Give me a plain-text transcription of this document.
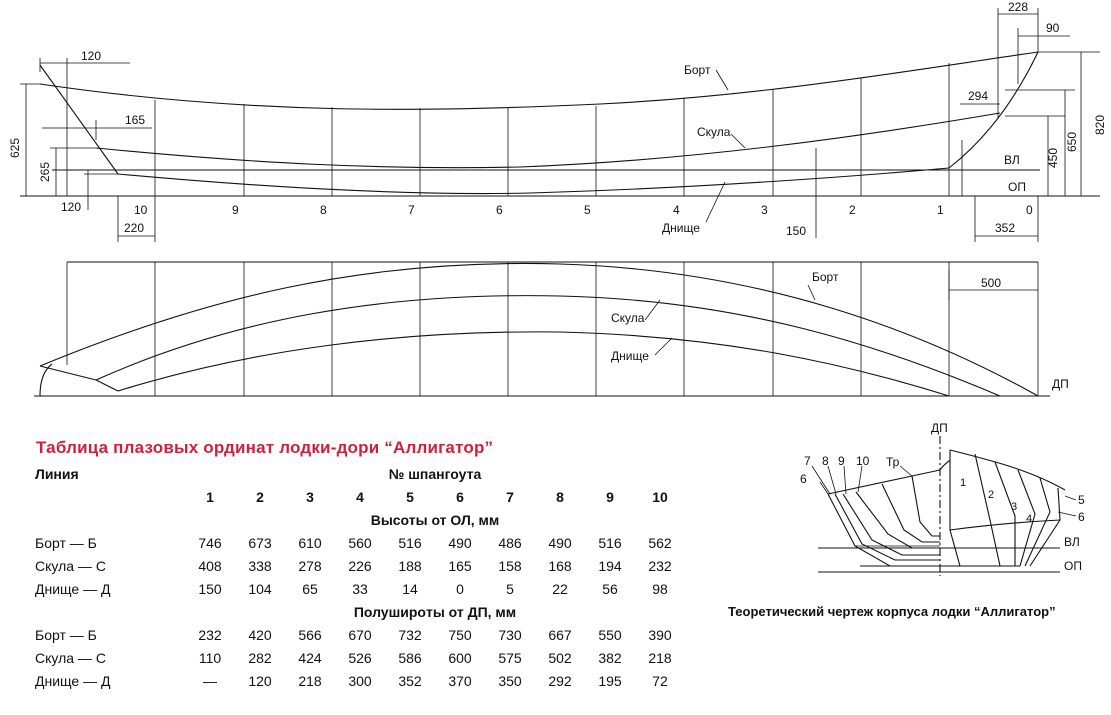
10	9	8	7	6	5	4	3	2	1	0
Борт
Скула
Днище
ВЛ
ОП
120
165
625
265
120
220
228
90
294
150	352
450
650
820
Борт
Скула
Днище
ДП
500
ДП
ВЛ
ОП
Тр
7 8 9 10
6	1
2
3
4
5
6
Таблица плазовых ординат лодки-дори “Аллигатор”
Линия	№ шпангоута									
	1	2	3	4	5	6	7	8	9	10
	Высоты от ОЛ, мм									
Борт — Б	746	673	610	560	516	490	486	490	516	562
Скула — С	408	338	278	226	188	165	158	168	194	232
Днище — Д	150	104	65	33	14	0	5	22	56	98
	Полуширoты от ДП, мм									
Борт — Б	232	420	566	670	732	750	730	667	550	390
Скула — С	110	282	424	526	586	600	575	502	382	218
Днище — Д	—	120	218	300	352	370	350	292	195	72
Теоретический чертеж корпуса лодки “Аллигатор”
